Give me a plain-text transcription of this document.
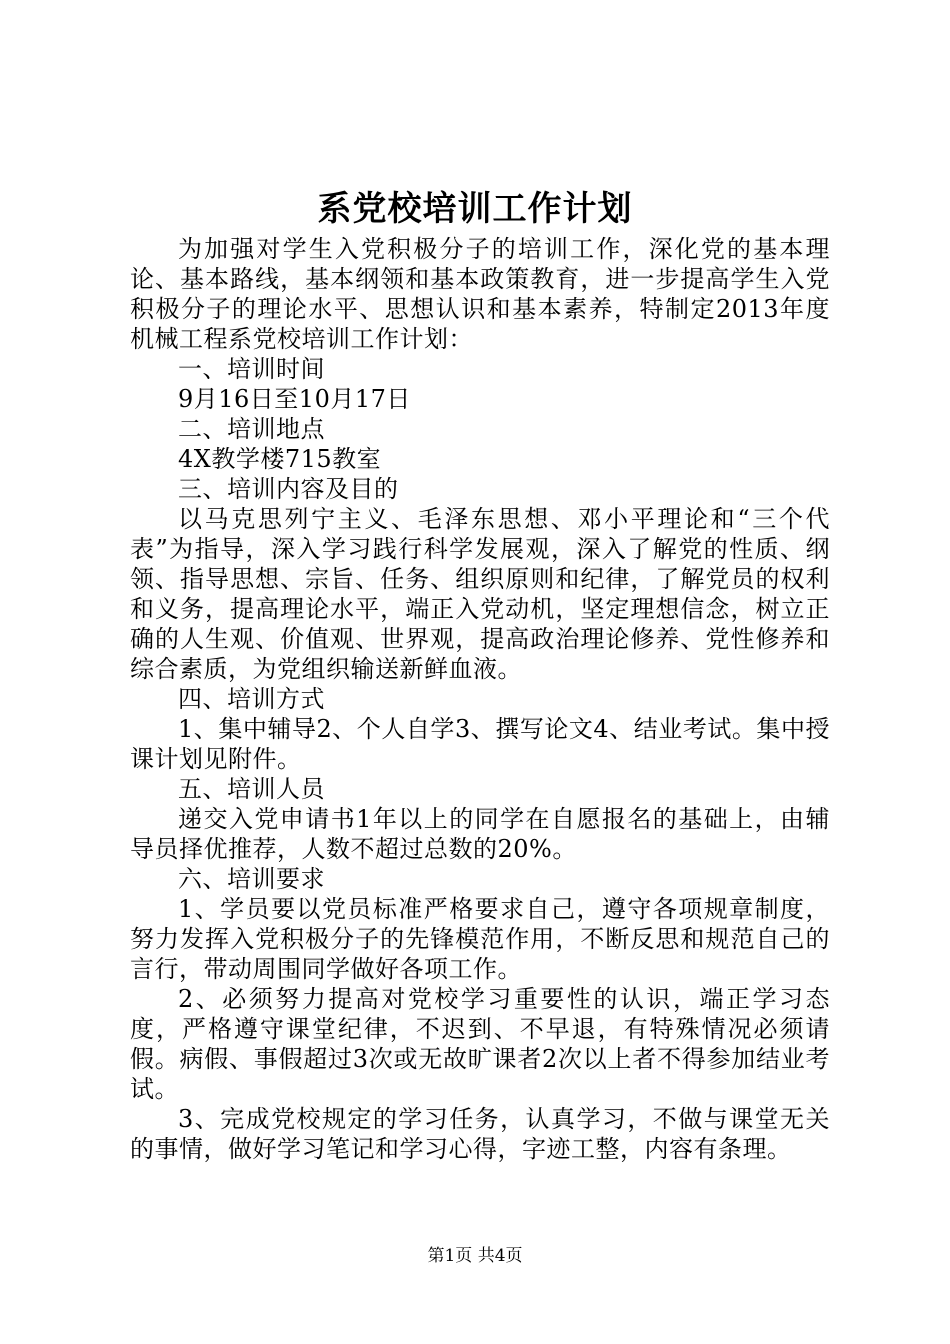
系党校培训工作计划

为加强对学生入党积极分子的培训工作，深化党的基本理论、基本路线，基本纲领和基本政策教育，进一步提高学生入党积极分子的理论水平、思想认识和基本素养，特制定2013年度机械工程系党校培训工作计划：

一、培训时间

9月16日至10月17日

二、培训地点

4X教学楼715教室

三、培训内容及目的

以马克思列宁主义、毛泽东思想、邓小平理论和“三个代表”为指导，深入学习践行科学发展观，深入了解党的性质、纲领、指导思想、宗旨、任务、组织原则和纪律，了解党员的权利和义务，提高理论水平，端正入党动机，坚定理想信念，树立正确的人生观、价值观、世界观，提高政治理论修养、党性修养和综合素质，为党组织输送新鲜血液。

四、培训方式

1、集中辅导2、个人自学3、撰写论文4、结业考试。集中授课计划见附件。

五、培训人员

递交入党申请书1年以上的同学在自愿报名的基础上，由辅导员择优推荐，人数不超过总数的20%。

六、培训要求

1、学员要以党员标准严格要求自己，遵守各项规章制度，努力发挥入党积极分子的先锋模范作用，不断反思和规范自己的言行，带动周围同学做好各项工作。

2、必须努力提高对党校学习重要性的认识，端正学习态度，严格遵守课堂纪律，不迟到、不早退，有特殊情况必须请假。病假、事假超过3次或无故旷课者2次以上者不得参加结业考试。

3、完成党校规定的学习任务，认真学习，不做与课堂无关的事情，做好学习笔记和学习心得，字迹工整，内容有条理。

第1页 共4页
